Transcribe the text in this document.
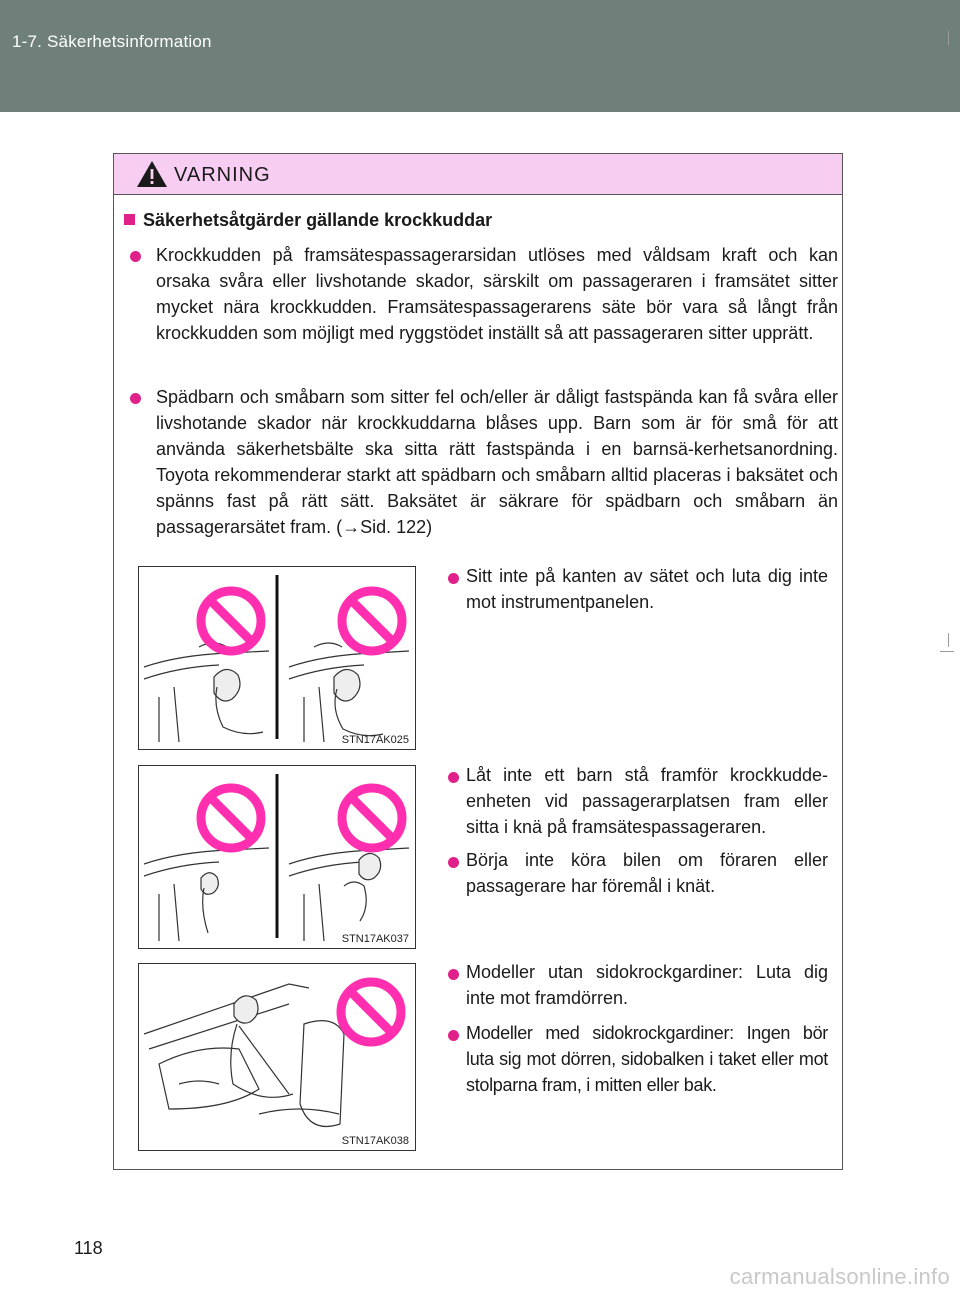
1-7. Säkerhetsinformation
VARNING
Säkerhetsåtgärder gällande krockkuddar
Krockkudden på framsätespassagerarsidan utlöses med våldsam kraft och kan orsaka svåra eller livshotande skador, särskilt om passageraren i framsätet sitter mycket nära krockkudden. Framsätespassagerarens säte bör vara så långt från krockkudden som möjligt med ryggstödet inställt så att passageraren sitter upprätt.
Spädbarn och småbarn som sitter fel och/eller är dåligt fastspända kan få svåra eller livshotande skador när krockkuddarna blåses upp. Barn som är för små för att använda säkerhetsbälte ska sitta rätt fastspända i en barnsä-kerhetsanordning. Toyota rekommenderar starkt att spädbarn och småbarn alltid placeras i baksätet och spänns fast på rätt sätt. Baksätet är säkrare för spädbarn och småbarn än passagerarsätet fram. (→Sid. 122)
STN17AK025
Sitt inte på kanten av sätet och luta dig inte mot instrumentpanelen.
STN17AK037
Låt inte ett barn stå framför krockkudde-enheten vid passagerarplatsen fram eller sitta i knä på framsätespassageraren.
Börja inte köra bilen om föraren eller passagerare har föremål i knät.
STN17AK038
Modeller utan sidokrockgardiner: Luta dig inte mot framdörren.
Modeller med sidokrockgardiner: Ingen bör luta sig mot dörren, sidobalken i taket eller mot stolparna fram, i mitten eller bak.
118
carmanualsonline.info
